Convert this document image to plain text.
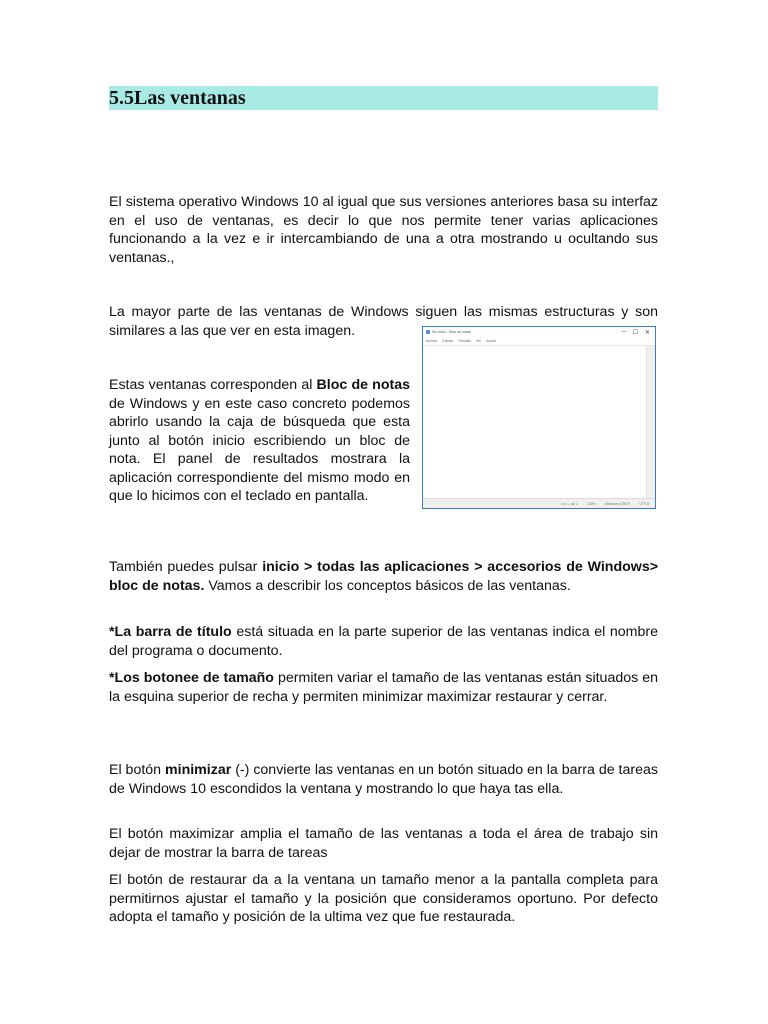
5.5Las ventanas

El sistema operativo Windows 10 al igual que sus versiones anteriores basa su interfaz en el uso de ventanas, es decir lo que nos permite tener varias aplicaciones funcionando a la vez e ir intercambiando de una a otra mostrando u ocultando sus ventanas.,

La mayor parte de las ventanas de Windows siguen las mismas estructuras y son similares a las que ver en esta imagen.	Sin título - Bloc de notas	– ☐ ✕
Archivo Edición Formato Ver Ayuda
Lín 1, col 1	100%	Windows (CRLF)	UTF-8

Estas ventanas corresponden al Bloc de notas de Windows y en este caso concreto podemos abrirlo usando la caja de búsqueda que esta junto al botón inicio escribiendo un bloc de nota. El panel de resultados mostrara la aplicación correspondiente del mismo modo en que lo hicimos con el teclado en pantalla.

También puedes pulsar inicio > todas las aplicaciones > accesorios de Windows> bloc de notas. Vamos a describir los conceptos básicos de las ventanas.

*La barra de título está situada en la parte superior de las ventanas indica el nombre del programa o documento.

*Los botonee de tamaño permiten variar el tamaño de las ventanas están situados en la esquina superior de recha y permiten minimizar maximizar restaurar y cerrar.

El botón minimizar (-) convierte las ventanas en un botón situado en la barra de tareas de Windows 10 escondidos la ventana y mostrando lo que haya tas ella.

El botón maximizar amplia el tamaño de las ventanas a toda el área de trabajo sin dejar de mostrar la barra de tareas

El botón de restaurar da a la ventana un tamaño menor a la pantalla completa para permitirnos ajustar el tamaño y la posición que consideramos oportuno. Por defecto adopta el tamaño y posición de la ultima vez que fue restaurada.
